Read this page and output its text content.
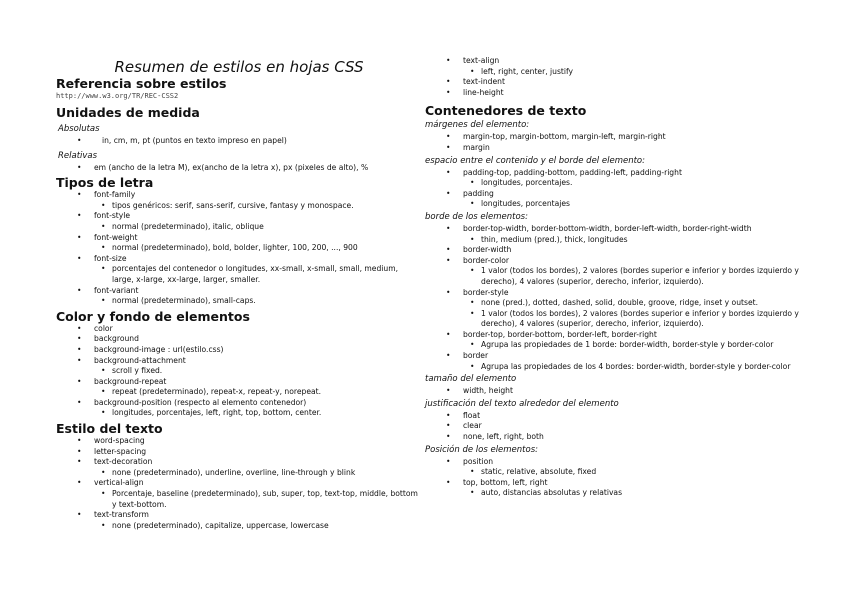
Resumen de estilos en hojas CSS
Referencia sobre estilos
http://www.w3.org/TR/REC-CSS2
Unidades de medida
Absolutas
• in, cm, m, pt (puntos en texto impreso en papel)
Relativas
• em (ancho de la letra M), ex(ancho de la letra x), px (pixeles de alto), %
Tipos de letra
• font-family
• tipos genéricos: serif, sans-serif, cursive, fantasy y monospace.
• font-style
• normal (predeterminado), italic, oblique
• font-weight
• normal (predeterminado), bold, bolder, lighter, 100, 200, ..., 900
• font-size
• porcentajes del contenedor o longitudes, xx-small, x-small, small, medium, large, x-large, xx-large, larger, smaller.
• font-variant
• normal (predeterminado), small-caps.
Color y fondo de elementos
• color
• background
• background-image : url(estilo.css)
• background-attachment
• scroll y fixed.
• background-repeat
• repeat (predeterminado), repeat-x, repeat-y, norepeat.
• background-position (respecto al elemento contenedor)
• longitudes, porcentajes, left, right, top, bottom, center.
Estilo del texto
• word-spacing
• letter-spacing
• text-decoration
• none (predeterminado), underline, overline, line-through y blink
• vertical-align
• Porcentaje, baseline (predeterminado), sub, super, top, text-top, middle, bottom y text-bottom.
• text-transform
• none (predeterminado), capitalize, uppercase, lowercase
• text-align
• left, right, center, justify
• text-indent
• line-height
Contenedores de texto
márgenes del elemento:
• margin-top, margin-bottom, margin-left, margin-right
• margin
espacio entre el contenido y el borde del elemento:
• padding-top, padding-bottom, padding-left, padding-right
• longitudes, porcentajes.
• padding
• longitudes, porcentajes
borde de los elementos:
• border-top-width, border-bottom-width, border-left-width, border-right-width
• thin, medium (pred.), thick, longitudes
• border-width
• border-color
• 1 valor (todos los bordes), 2 valores (bordes superior e inferior y bordes izquierdo y derecho), 4 valores (superior, derecho, inferior, izquierdo).
• border-style
• none (pred.), dotted, dashed, solid, double, groove, ridge, inset y outset.
• 1 valor (todos los bordes), 2 valores (bordes superior e inferior y bordes izquierdo y derecho), 4 valores (superior, derecho, inferior, izquierdo).
• border-top, border-bottom, border-left, border-right
• Agrupa las propiedades de 1 borde: border-width, border-style y border-color
• border
• Agrupa las propiedades de los 4 bordes: border-width, border-style y border-color
tamaño del elemento
• width, height
justificación del texto alrededor del elemento
• float
• clear
• none, left, right, both
Posición de los elementos:
• position
• static, relative, absolute, fixed
• top, bottom, left, right
• auto, distancias absolutas y relativas
